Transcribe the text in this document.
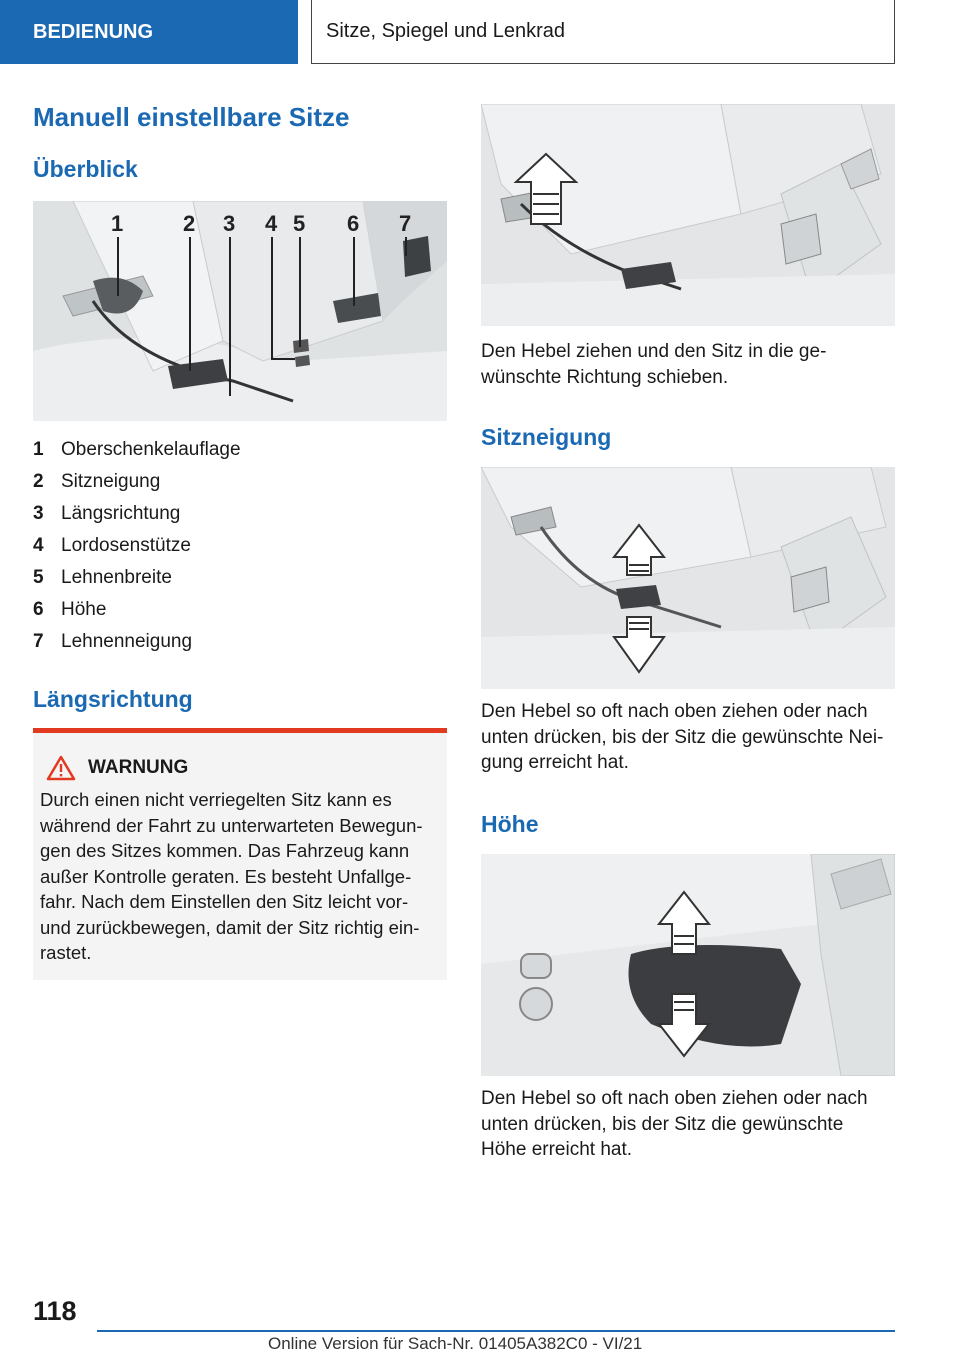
BEDIENUNG	Sitze, Spiegel und Lenkrad
Manuell einstellbare Sitze
Überblick
1	2 3 4 5 6 7
1 Oberschenkelauflage
2 Sitzneigung
3 Längsrichtung
4 Lordosenstütze
5 Lehnenbreite
6 Höhe
7 Lehnenneigung
Längsrichtung
WARNUNG
Durch einen nicht verriegelten Sitz kann es
während der Fahrt zu unterwarteten Bewegun-
gen des Sitzes kommen. Das Fahrzeug kann
außer Kontrolle geraten. Es besteht Unfallge-
fahr. Nach dem Einstellen den Sitz leicht vor-
und zurückbewegen, damit der Sitz richtig ein-
rastet.
Den Hebel ziehen und den Sitz in die ge-
wünschte Richtung schieben.
Sitzneigung
Den Hebel so oft nach oben ziehen oder nach
unten drücken, bis der Sitz die gewünschte Nei-
gung erreicht hat.
Höhe
Den Hebel so oft nach oben ziehen oder nach
unten drücken, bis der Sitz die gewünschte
Höhe erreicht hat.
118
Online Version für Sach-Nr. 01405A382C0 - VI/21
